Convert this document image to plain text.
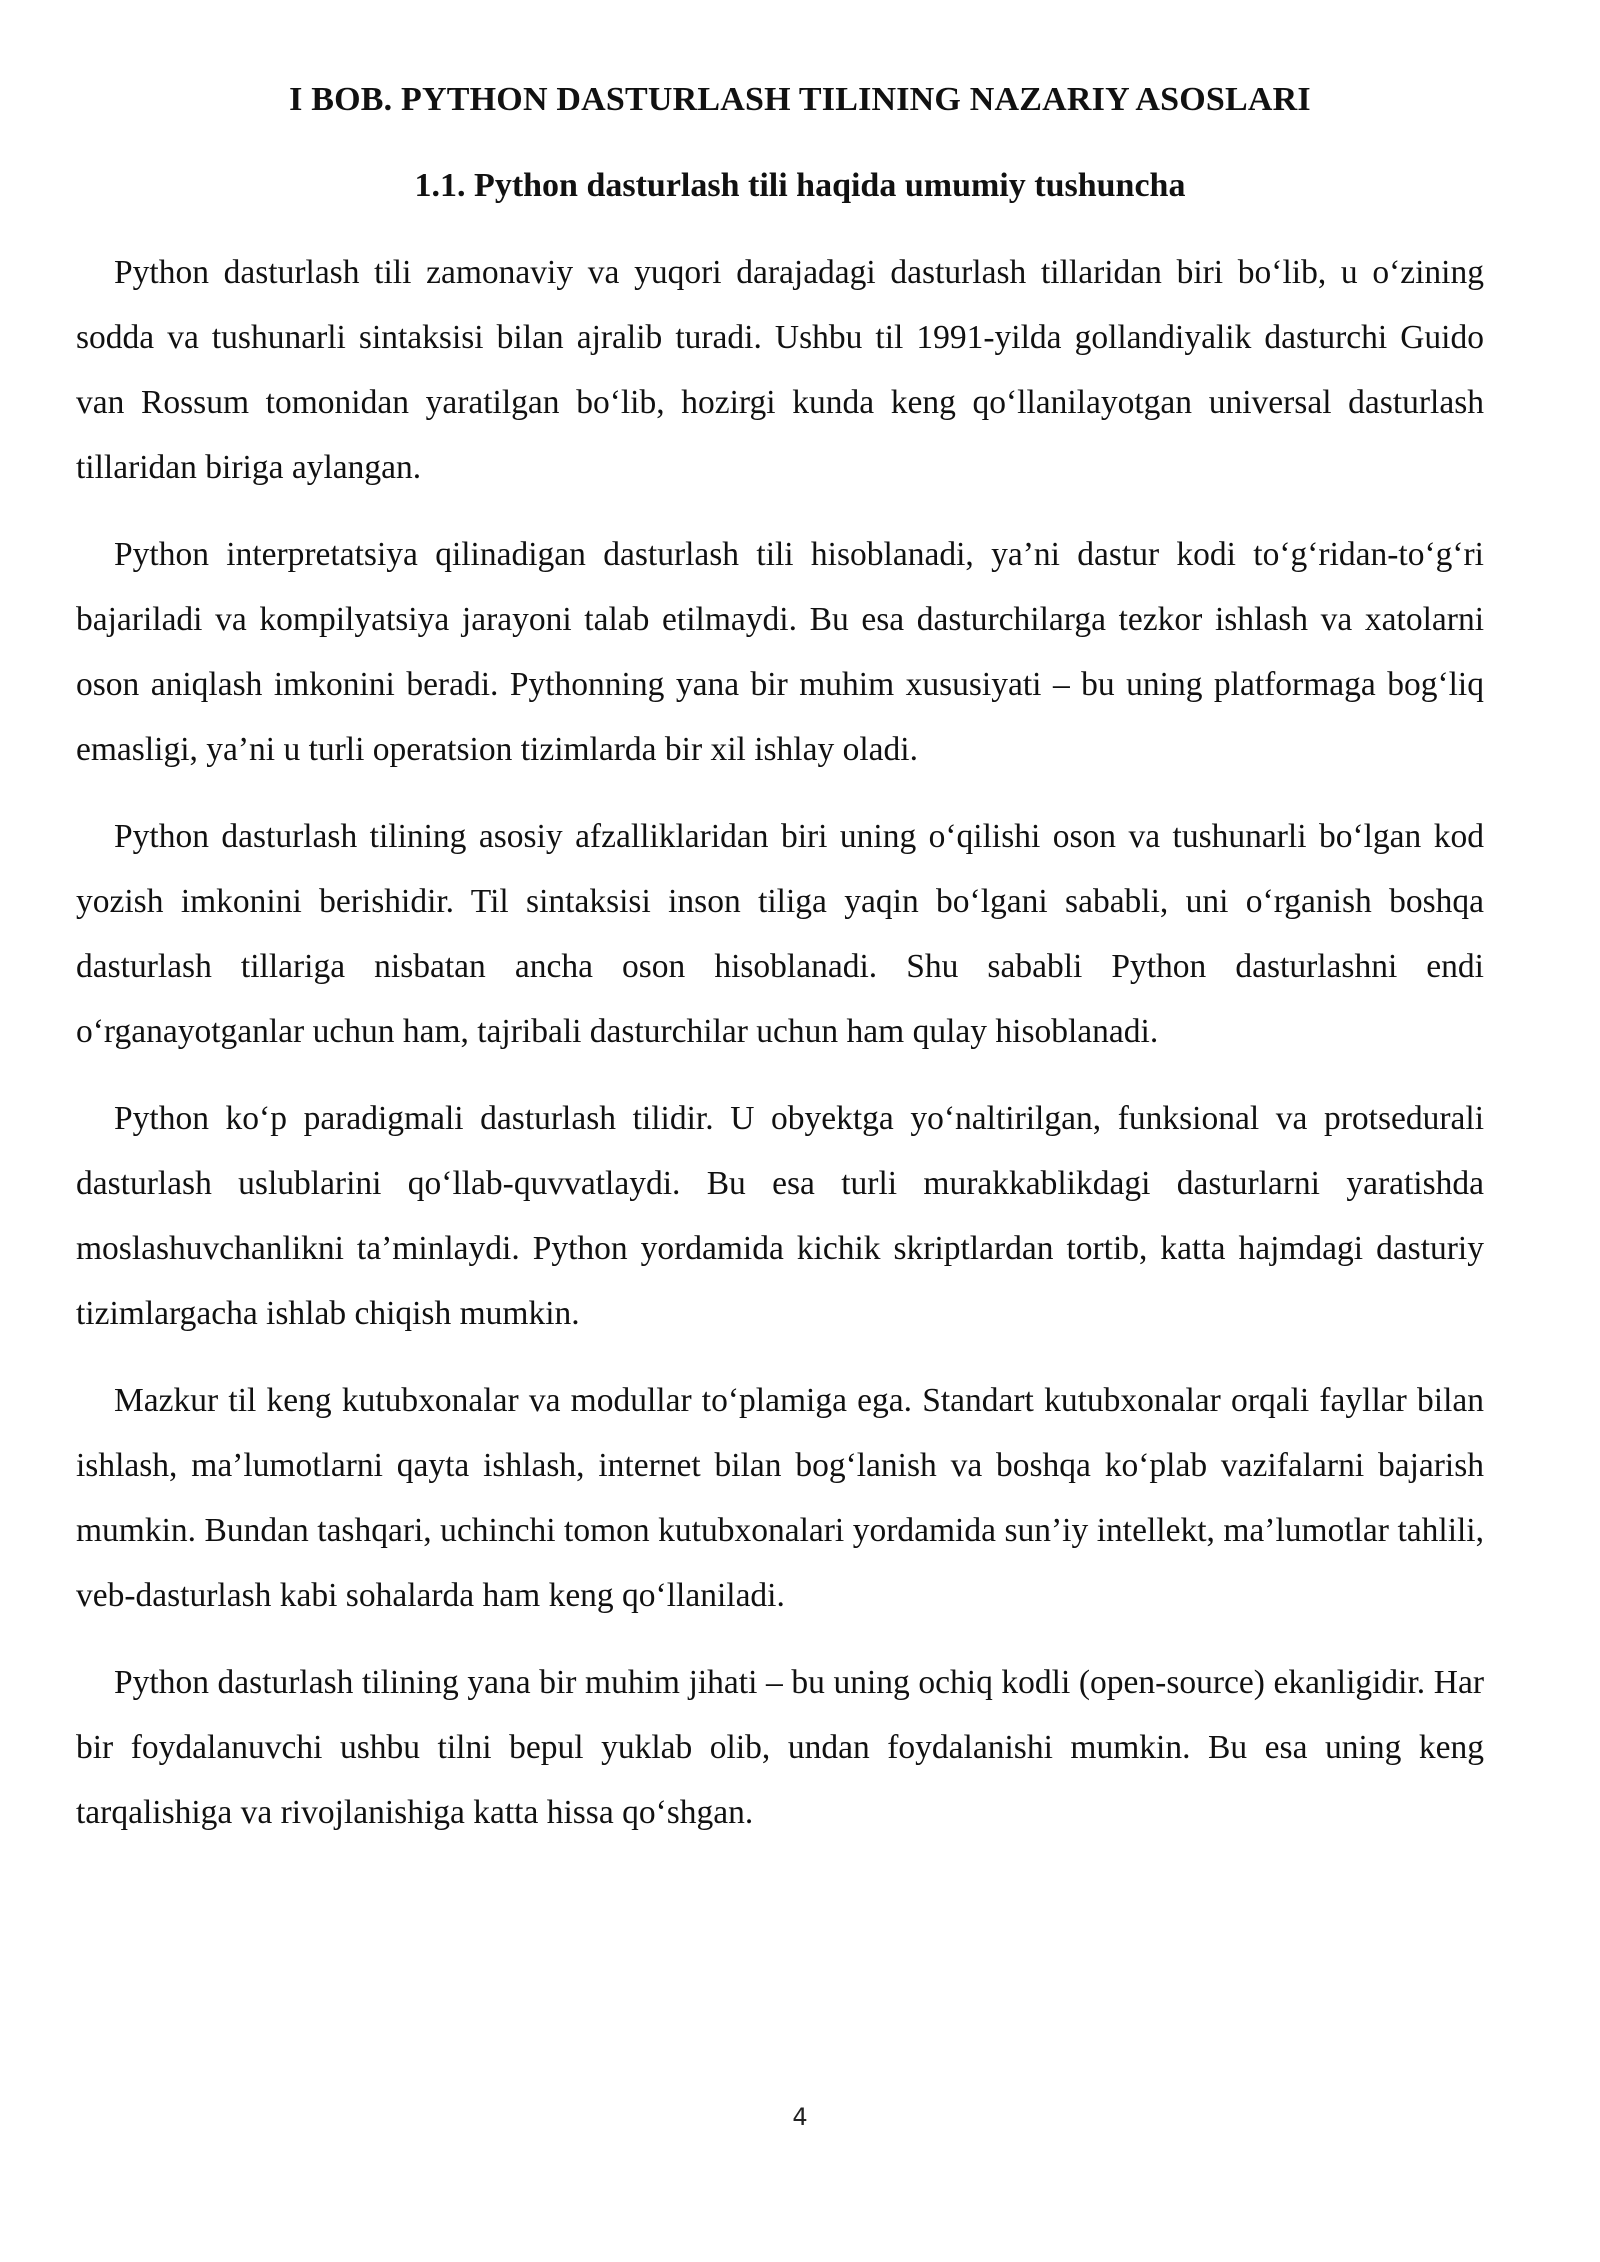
I BOB. PYTHON DASTURLASH TILINING NAZARIY ASOSLARI
1.1. Python dasturlash tili haqida umumiy tushuncha

Python dasturlash tili zamonaviy va yuqori darajadagi dasturlash tillaridan biri bo‘lib, u o‘zining sodda va tushunarli sintaksisi bilan ajralib turadi. Ushbu til 1991-yilda gollandiyalik dasturchi Guido van Rossum tomonidan yaratilgan bo‘lib, hozirgi kunda keng qo‘llanilayotgan universal dasturlash tillaridan biriga aylangan.

Python interpretatsiya qilinadigan dasturlash tili hisoblanadi, ya’ni dastur kodi to‘g‘ridan-to‘g‘ri bajariladi va kompilyatsiya jarayoni talab etilmaydi. Bu esa dasturchilarga tezkor ishlash va xatolarni oson aniqlash imkonini beradi. Pythonning yana bir muhim xususiyati – bu uning platformaga bog‘liq emasligi, ya’ni u turli operatsion tizimlarda bir xil ishlay oladi.

Python dasturlash tilining asosiy afzalliklaridan biri uning o‘qilishi oson va tushunarli bo‘lgan kod yozish imkonini berishidir. Til sintaksisi inson tiliga yaqin bo‘lgani sababli, uni o‘rganish boshqa dasturlash tillariga nisbatan ancha oson hisoblanadi. Shu sababli Python dasturlashni endi o‘rganayotganlar uchun ham, tajribali dasturchilar uchun ham qulay hisoblanadi.

Python ko‘p paradigmali dasturlash tilidir. U obyektga yo‘naltirilgan, funksional va protsedurali dasturlash uslublarini qo‘llab-quvvatlaydi. Bu esa turli murakkablikdagi dasturlarni yaratishda moslashuvchanlikni ta’minlaydi. Python yordamida kichik skriptlardan tortib, katta hajmdagi dasturiy tizimlargacha ishlab chiqish mumkin.

Mazkur til keng kutubxonalar va modullar to‘plamiga ega. Standart kutubxonalar orqali fayllar bilan ishlash, ma’lumotlarni qayta ishlash, internet bilan bog‘lanish va boshqa ko‘plab vazifalarni bajarish mumkin. Bundan tashqari, uchinchi tomon kutubxonalari yordamida sun’iy intellekt, ma’lumotlar tahlili, veb-dasturlash kabi sohalarda ham keng qo‘llaniladi.

Python dasturlash tilining yana bir muhim jihati – bu uning ochiq kodli (open-source) ekanligidir. Har bir foydalanuvchi ushbu tilni bepul yuklab olib, undan foydalanishi mumkin. Bu esa uning keng tarqalishiga va rivojlanishiga katta hissa qo‘shgan.

4
